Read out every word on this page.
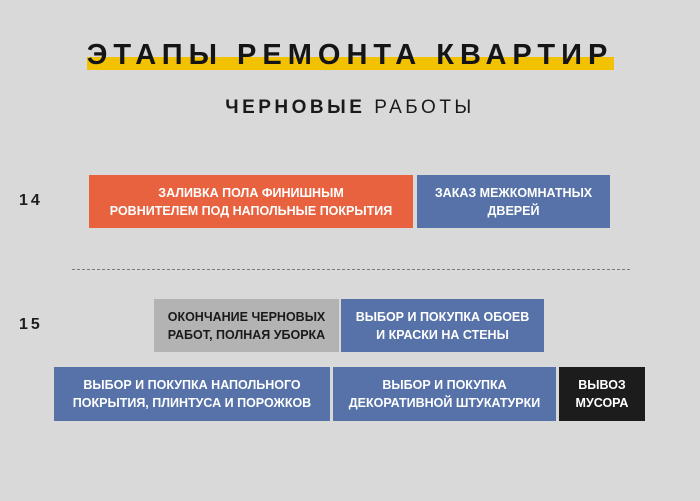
ЭТАПЫ РЕМОНТА КВАРТИР
ЧЕРНОВЫЕ РАБОТЫ
14	ЗАЛИВКА ПОЛА ФИНИШНЫМ
РОВНИТЕЛЕМ ПОД НАПОЛЬНЫЕ ПОКРЫТИЯ
ЗАКАЗ МЕЖКОМНАТНЫХ
ДВЕРЕЙ
15	ОКОНЧАНИЕ ЧЕРНОВЫХ
РАБОТ, ПОЛНАЯ УБОРКА
ВЫБОР И ПОКУПКА ОБОЕВ
И КРАСКИ НА СТЕНЫ
ВЫБОР И ПОКУПКА НАПОЛЬНОГО
ПОКРЫТИЯ, ПЛИНТУСА И ПОРОЖКОВ
ВЫБОР И ПОКУПКА
ДЕКОРАТИВНОЙ ШТУКАТУРКИ
ВЫВОЗ
МУСОРА
